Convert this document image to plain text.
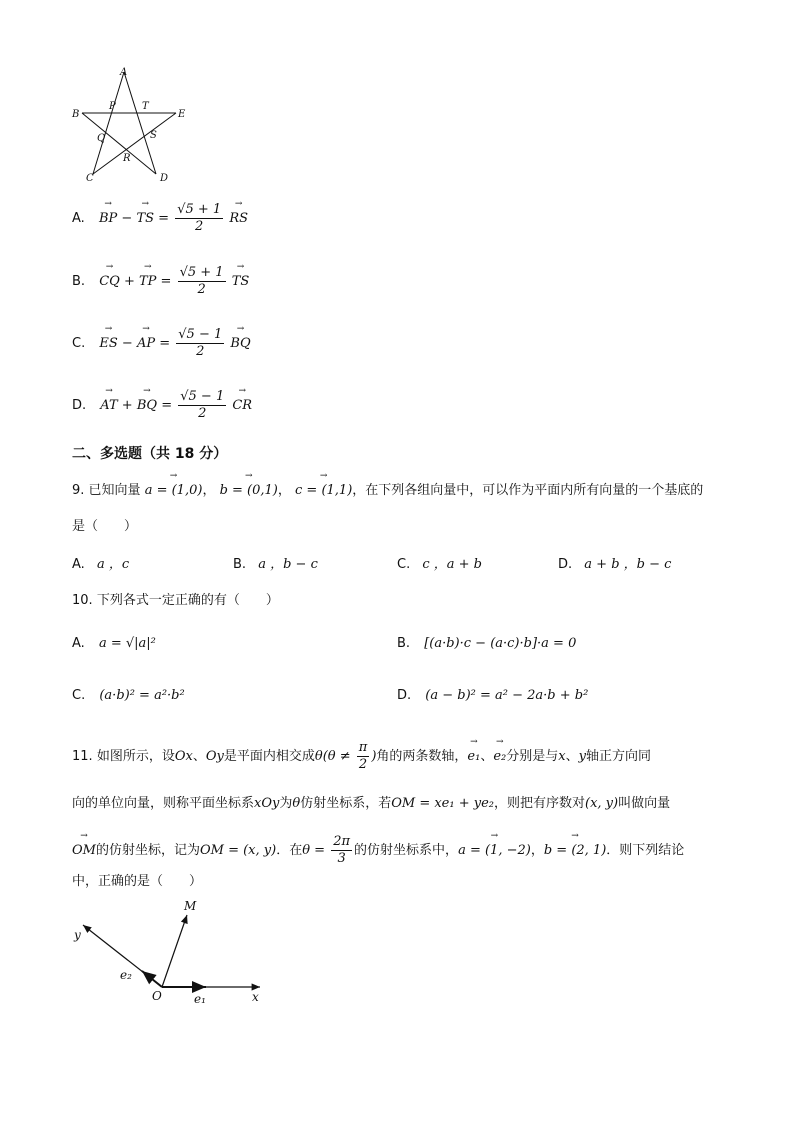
A
B	E
C	D
P	T
Q	S
R
A. → BP − → TS = $\frac{√5 + 1}{2}$ → RS
B. → CQ + → TP = $\frac{√5 + 1}{2}$ → TS
C. → ES − → AP = $\frac{√5 - 1}{2}$ → BQ
D. → AT + → BQ = $\frac{√5 - 1}{2}$ → CR
二、多选题（共 18 分）
9. 已知向量 → a = (1,0)， → b = (0,1)， → c = (1,1)，在下列各组向量中，可以作为平面内所有向量的一个基底的
是（　　）
A. a ，c	B. a ，b − c	C. c ，a + b	D. a + b ，b − c
10. 下列各式一定正确的有（　　）
A. a = √|a|²	B. [(a·b)·c − (a·c)·b]·a = 0
C. (a·b)² = a²·b²	D. (a − b)² = a² − 2a·b + b²
11. 如图所示，设Ox、Oy是平面内相交成$\theta(\theta \ne \frac{\pi}{2}$ )角的两条数轴，→ e₁、→ e₂分别是与x、y轴正方向同
向的单位向量，则称平面坐标系xOy为θ仿射坐标系，若OM = xe₁ + ye₂，则把有序数对(x, y)叫做向量
→ OM的仿射坐标，记为OM = (x, y)．在$\theta = \frac{2\pi}{3}$ 的仿射坐标系中，→ a = (1, −2)，→ b = (2, 1)．则下列结论
中，正确的是（　　）
M
y
O	x
e₂
e₁
